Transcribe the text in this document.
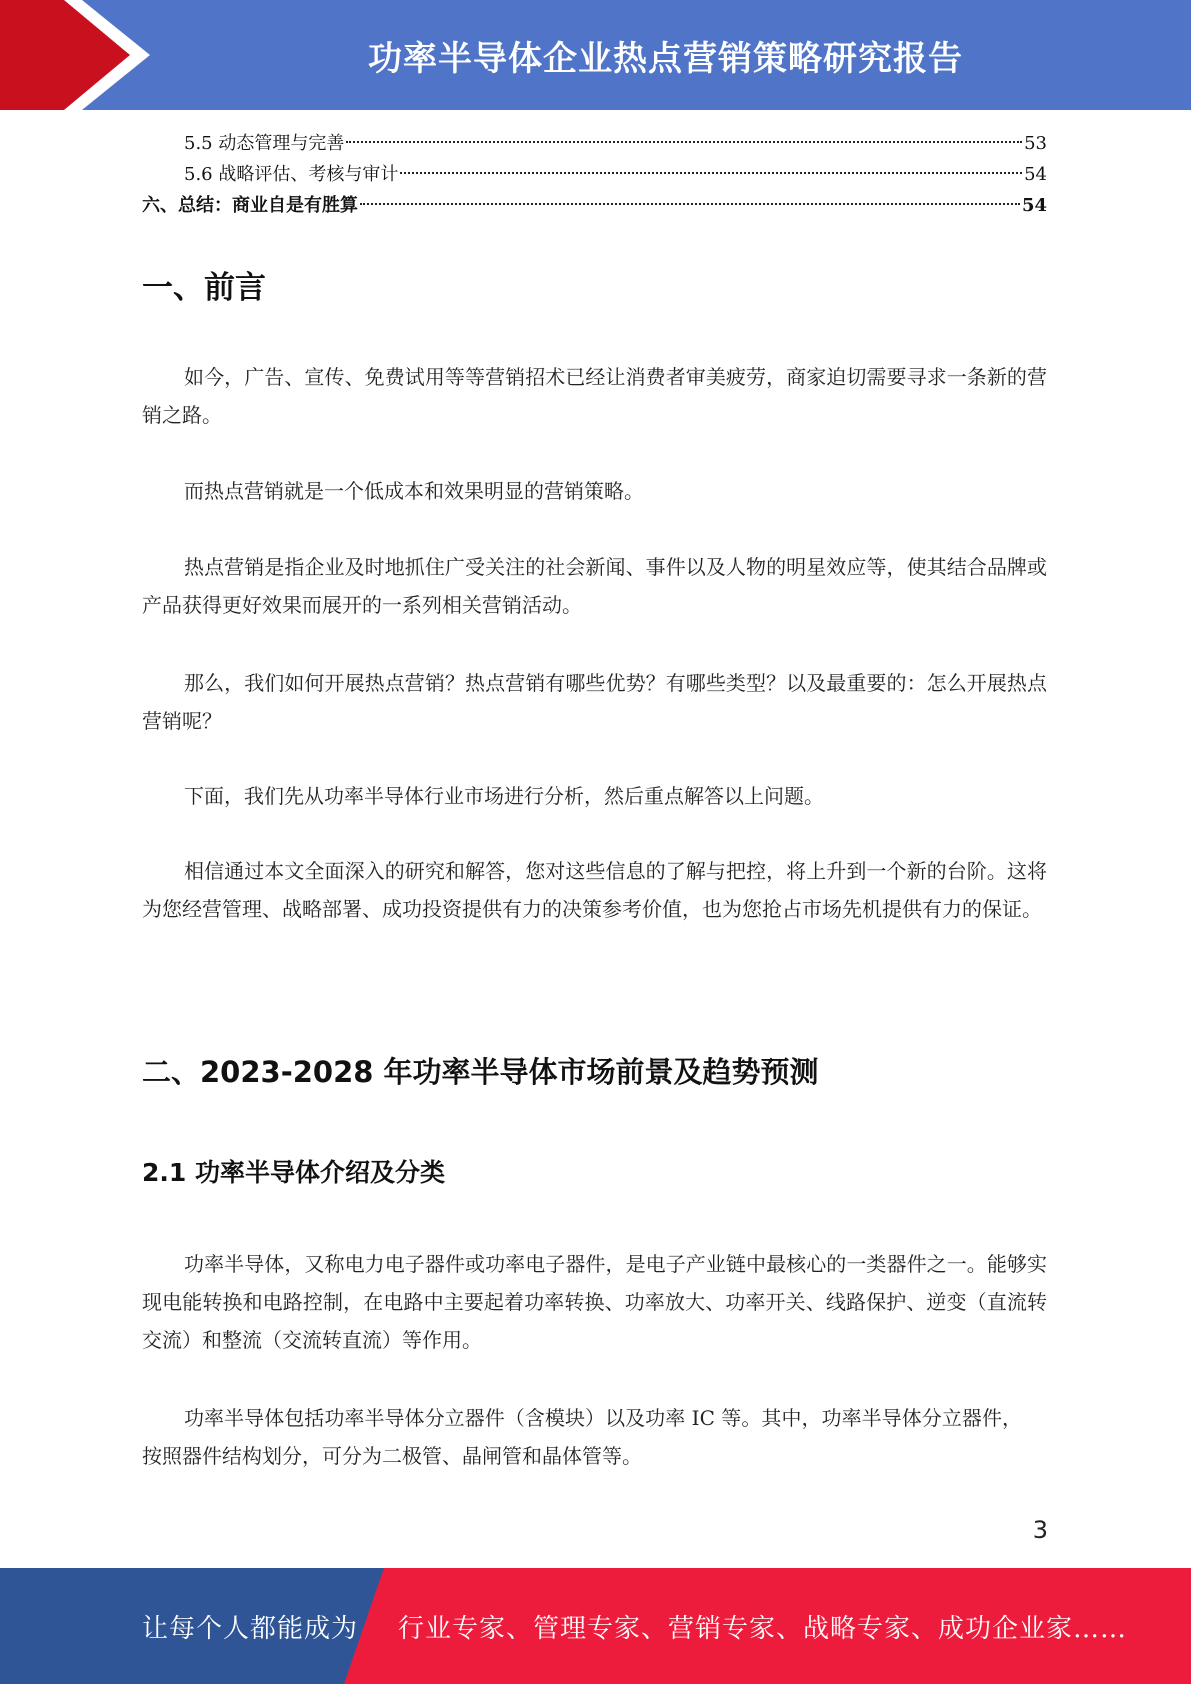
功率半导体企业热点营销策略研究报告
5.5 动态管理与完善	53
5.6 战略评估、考核与审计	54
六、总结：商业自是有胜算	54
一、前言

如今，广告、宣传、免费试用等等营销招术已经让消费者审美疲劳，商家迫切需要寻求一条新的营销之路。

而热点营销就是一个低成本和效果明显的营销策略。

热点营销是指企业及时地抓住广受关注的社会新闻、事件以及人物的明星效应等，使其结合品牌或产品获得更好效果而展开的一系列相关营销活动。

那么，我们如何开展热点营销？热点营销有哪些优势？有哪些类型？以及最重要的：怎么开展热点营销呢？

下面，我们先从功率半导体行业市场进行分析，然后重点解答以上问题。

相信通过本文全面深入的研究和解答，您对这些信息的了解与把控，将上升到一个新的台阶。这将为您经营管理、战略部署、成功投资提供有力的决策参考价值，也为您抢占市场先机提供有力的保证。

二、2023-2028 年功率半导体市场前景及趋势预测
2.1 功率半导体介绍及分类

功率半导体，又称电力电子器件或功率电子器件，是电子产业链中最核心的一类器件之一。能够实现电能转换和电路控制，在电路中主要起着功率转换、功率放大、功率开关、线路保护、逆变（直流转交流）和整流（交流转直流）等作用。

功率半导体包括功率半导体分立器件（含模块）以及功率 IC 等。其中，功率半导体分立器件，按照器件结构划分，可分为二极管、晶闸管和晶体管等。

3
让每个人都能成为 行业专家、管理专家、营销专家、战略专家、成功企业家……
